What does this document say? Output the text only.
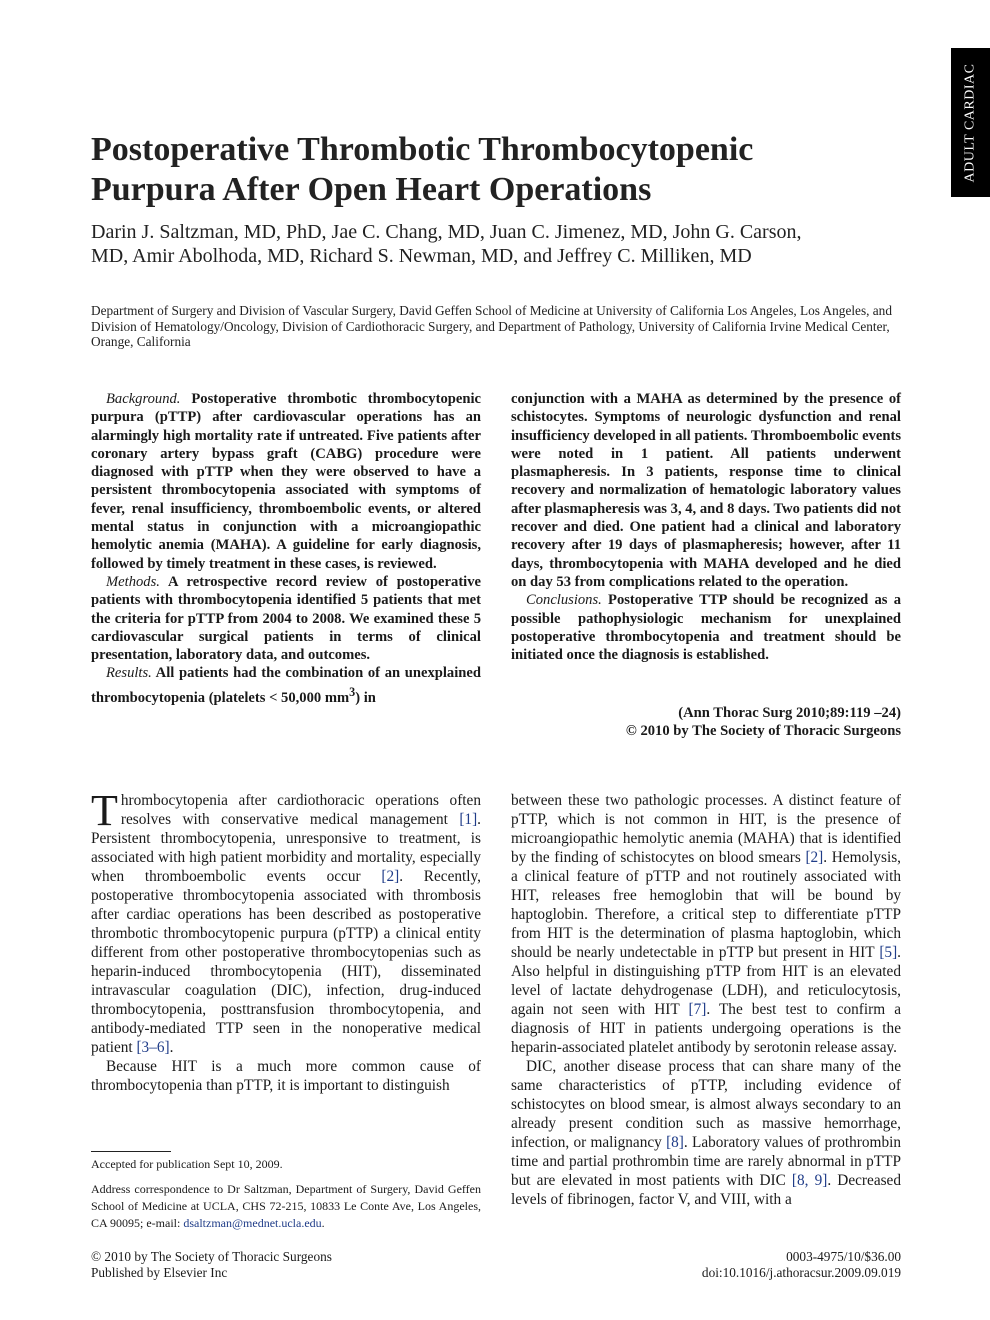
ADULT CARDIAC
Postoperative Thrombotic Thrombocytopenic Purpura After Open Heart Operations

Darin J. Saltzman, MD, PhD, Jae C. Chang, MD, Juan C. Jimenez, MD, John G. Carson, MD, Amir Abolhoda, MD, Richard S. Newman, MD, and Jeffrey C. Milliken, MD

Department of Surgery and Division of Vascular Surgery, David Geffen School of Medicine at University of California Los Angeles, Los Angeles, and Division of Hematology/Oncology, Division of Cardiothoracic Surgery, and Department of Pathology, University of California Irvine Medical Center, Orange, California

Background. Postoperative thrombotic thrombocytopenic purpura (pTTP) after cardiovascular operations has an alarmingly high mortality rate if untreated. Five patients after coronary artery bypass graft (CABG) procedure were diagnosed with pTTP when they were observed to have a persistent thrombocytopenia associated with symptoms of fever, renal insufficiency, thromboembolic events, or altered mental status in conjunction with a microangiopathic hemolytic anemia (MAHA). A guideline for early diagnosis, followed by timely treatment in these cases, is reviewed.

Methods. A retrospective record review of postoperative patients with thrombocytopenia identified 5 patients that met the criteria for pTTP from 2004 to 2008. We examined these 5 cardiovascular surgical patients in terms of clinical presentation, laboratory data, and outcomes.

Results. All patients had the combination of an unexplained thrombocytopenia (platelets < 50,000 $mm^3$) in

conjunction with a MAHA as determined by the presence of schistocytes. Symptoms of neurologic dysfunction and renal insufficiency developed in all patients. Thromboembolic events were noted in 1 patient. All patients underwent plasmapheresis. In 3 patients, response time to clinical recovery and normalization of hematologic laboratory values after plasmapheresis was 3, 4, and 8 days. Two patients did not recover and died. One patient had a clinical and laboratory recovery after 19 days of plasmapheresis; however, after 11 days, thrombocytopenia with MAHA developed and he died on day 53 from complications related to the operation.

Conclusions. Postoperative TTP should be recognized as a possible pathophysiologic mechanism for unexplained postoperative thrombocytopenia and treatment should be initiated once the diagnosis is established.

(Ann Thorac Surg 2010;89:119 –24)
© 2010 by The Society of Thoracic Surgeons

Thrombocytopenia after cardiothoracic operations often resolves with conservative medical management [1]. Persistent thrombocytopenia, unresponsive to treatment, is associated with high patient morbidity and mortality, especially when thromboembolic events occur [2]. Recently, postoperative thrombocytopenia associated with thrombosis after cardiac operations has been described as postoperative thrombotic thrombocytopenic purpura (pTTP) a clinical entity different from other postoperative thrombocytopenias such as heparin-induced thrombocytopenia (HIT), disseminated intravascular coagulation (DIC), infection, drug-induced thrombocytopenia, posttransfusion thrombocytopenia, and antibody-mediated TTP seen in the nonoperative medical patient [3–6].

Because HIT is a much more common cause of thrombocytopenia than pTTP, it is important to distinguish

between these two pathologic processes. A distinct feature of pTTP, which is not common in HIT, is the presence of microangiopathic hemolytic anemia (MAHA) that is identified by the finding of schistocytes on blood smears [2]. Hemolysis, a clinical feature of pTTP and not routinely associated with HIT, releases free hemoglobin that will be bound by haptoglobin. Therefore, a critical step to differentiate pTTP from HIT is the determination of plasma haptoglobin, which should be nearly undetectable in pTTP but present in HIT [5]. Also helpful in distinguishing pTTP from HIT is an elevated level of lactate dehydrogenase (LDH), and reticulocytosis, again not seen with HIT [7]. The best test to confirm a diagnosis of HIT in patients undergoing operations is the heparin-associated platelet antibody by serotonin release assay.

DIC, another disease process that can share many of the same characteristics of pTTP, including evidence of schistocytes on blood smear, is almost always secondary to an already present condition such as massive hemorrhage, infection, or malignancy [8]. Laboratory values of prothrombin time and partial prothrombin time are rarely abnormal in pTTP but are elevated in most patients with DIC [8, 9]. Decreased levels of fibrinogen, factor V, and VIII, with a

Accepted for publication Sept 10, 2009.

Address correspondence to Dr Saltzman, Department of Surgery, David Geffen School of Medicine at UCLA, CHS 72-215, 10833 Le Conte Ave, Los Angeles, CA 90095; e-mail: dsaltzman@mednet.ucla.edu.

© 2010 by The Society of Thoracic Surgeons
Published by Elsevier Inc
0003-4975/10/$36.00
doi:10.1016/j.athoracsur.2009.09.019
